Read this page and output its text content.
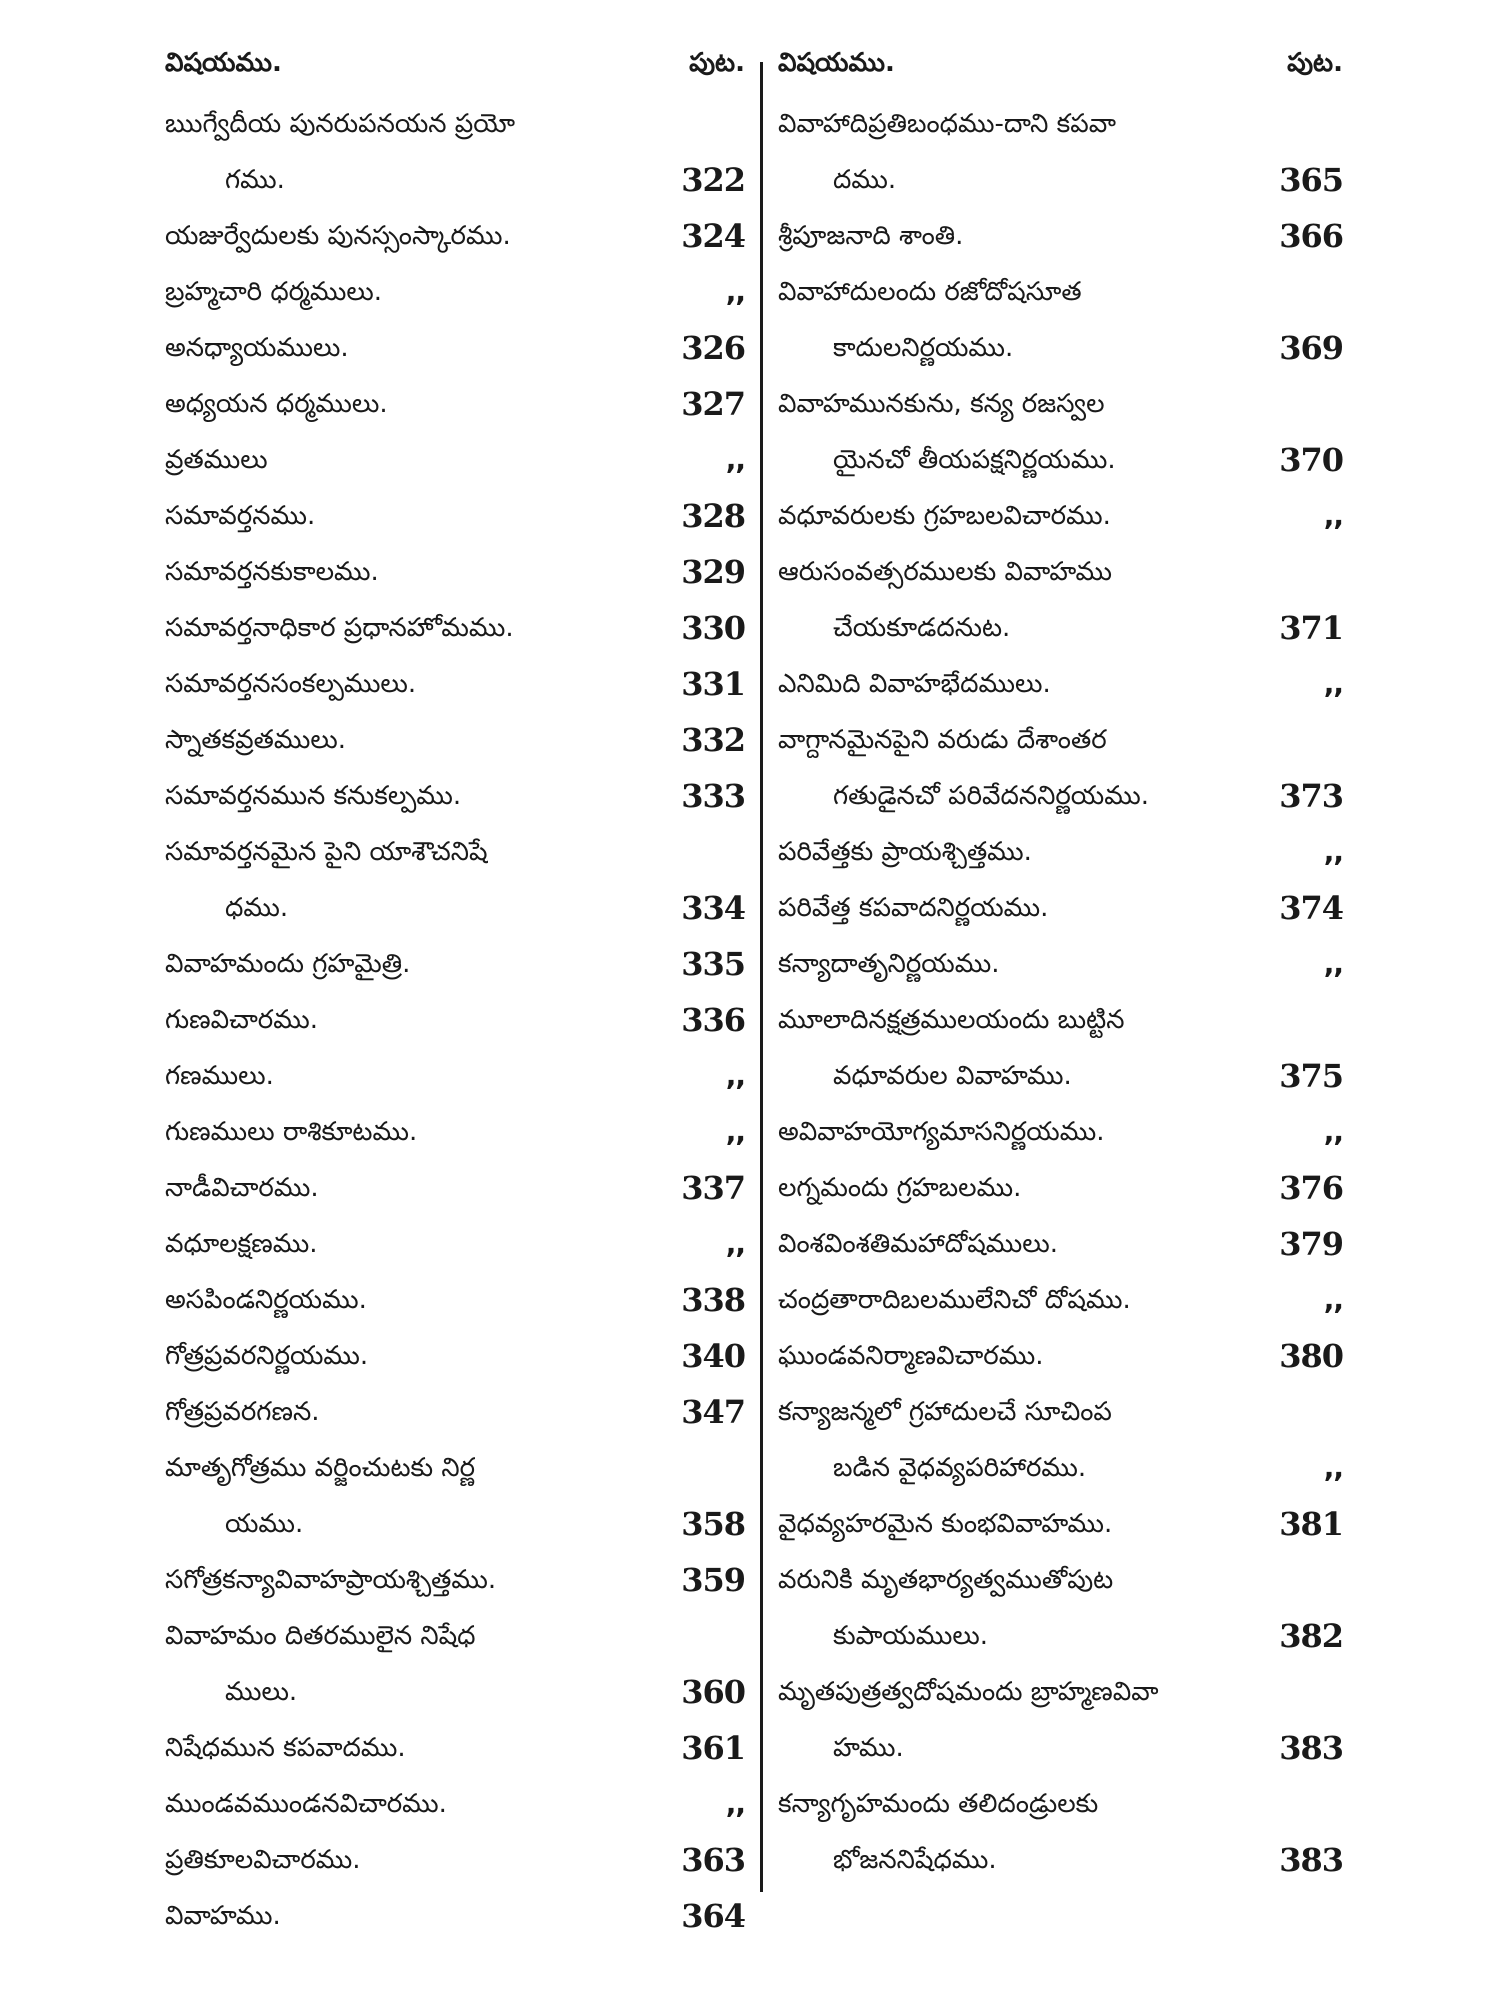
విషయము.	పుట.
ఋగ్వేదీయ పునరుపనయన ప్రయో
గము.	322
యజుర్వేదులకు పునస్సంస్కారము.	324
బ్రహ్మచారి ధర్మములు.	,,
అనధ్యాయములు.	326
అధ్యయన ధర్మములు.	327
వ్రతములు	,,
సమావర్తనము.	328
సమావర్తనకుకాలము.	329
సమావర్తనాధికార ప్రధానహోమము.	330
సమావర్తనసంకల్పములు.	331
స్నాతకవ్రతములు.	332
సమావర్తనమున కనుకల్పము.	333
సమావర్తనమైన పైని యాశౌచనిషే
ధము.	334
వివాహమందు గ్రహమైత్రి.	335
గుణవిచారము.	336
గణములు.	,,
గుణములు రాశికూటము.	,,
నాడీవిచారము.	337
వధూలక్షణము.	,,
అసపిండనిర్ణయము.	338
గోత్రప్రవరనిర్ణయము.	340
గోత్రప్రవరగణన.	347
మాతృగోత్రము వర్జించుటకు నిర్ణ
యము.	358
సగోత్రకన్యావివాహప్రాయశ్చిత్తము.	359
వివాహమం దితరములైన నిషేధ
ములు.	360
నిషేధమున కపవాదము.	361
ముండవముండనవిచారము.	,,
ప్రతికూలవిచారము.	363
వివాహము.	364
విషయము.	పుట.
వివాహాదిప్రతిబంధము-దాని కపవా
దము.	365
శ్రీపూజనాది శాంతి.	366
వివాహాదులందు రజోదోషసూత
కాదులనిర్ణయము.	369
వివాహమునకును, కన్య రజస్వల
యైనచో తీయపక్షనిర్ణయము.	370
వధూవరులకు గ్రహబలవిచారము.	,,
ఆరుసంవత్సరములకు వివాహము
చేయకూడదనుట.	371
ఎనిమిది వివాహభేదములు.	,,
వాగ్దానమైనపైని వరుడు దేశాంతర
గతుడైనచో పరివేదననిర్ణయము.	373
పరివేత్తకు ప్రాయశ్చిత్తము.	,,
పరివేత్త కపవాదనిర్ణయము.	374
కన్యాదాతృనిర్ణయము.	,,
మూలాదినక్షత్రములయందు బుట్టిన
వధూవరుల వివాహము.	375
అవివాహయోగ్యమాసనిర్ణయము.	,,
లగ్నమందు గ్రహబలము.	376
వింశవింశతిమహాదోషములు.	379
చంద్రతారాదిబలములేనిచో దోషము.	,,
ఘుండవనిర్మాణవిచారము.	380
కన్యాజన్మలో గ్రహాదులచే సూచింప
బడిన వైధవ్యపరిహారము.	,,
వైధవ్యహరమైన కుంభవివాహము.	381
వరునికి మృతభార్యత్వముతోపుట
కుపాయములు.	382
మృతపుత్రత్వదోషమందు బ్రాహ్మణవివా
హము.	383
కన్యాగృహమందు తలిదండ్రులకు
భోజననిషేధము.	383
